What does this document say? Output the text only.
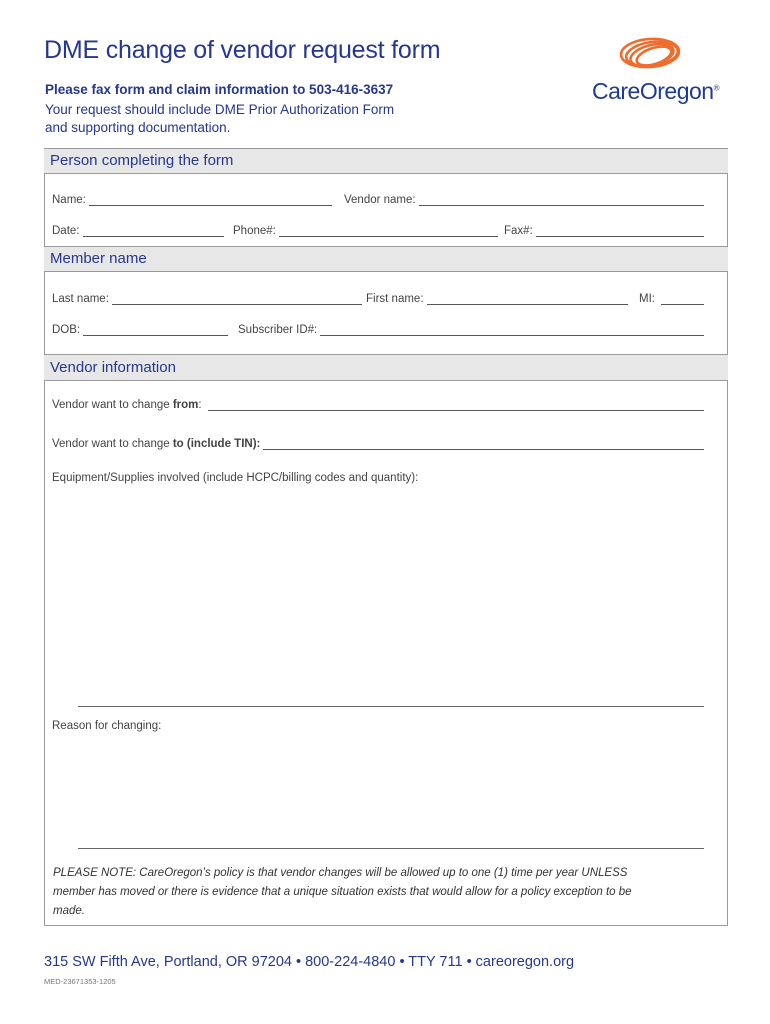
DME change of vendor request form
Please fax form and claim information to 503-416-3637
Your request should include DME Prior Authorization Form
and supporting documentation.
CareOregon®
Person completing the form
Name:	Vendor name:
Date:	Phone#:	Fax#:
Member name
Last name:	First name:	MI:
DOB:	Subscriber ID#:
Vendor information
Vendor want to change from :
Vendor want to change to (include TIN):
Equipment/Supplies involved (include HCPC/billing codes and quantity):
Reason for changing:
PLEASE NOTE: CareOregon’s policy is that vendor changes will be allowed up to one (1) time per year UNLESS member has moved or there is evidence that a unique situation exists that would allow for a policy exception to be made.
315 SW Fifth Ave, Portland, OR 97204 • 800-224-4840 • TTY 711 • careoregon.org
MED-23671353-1205
